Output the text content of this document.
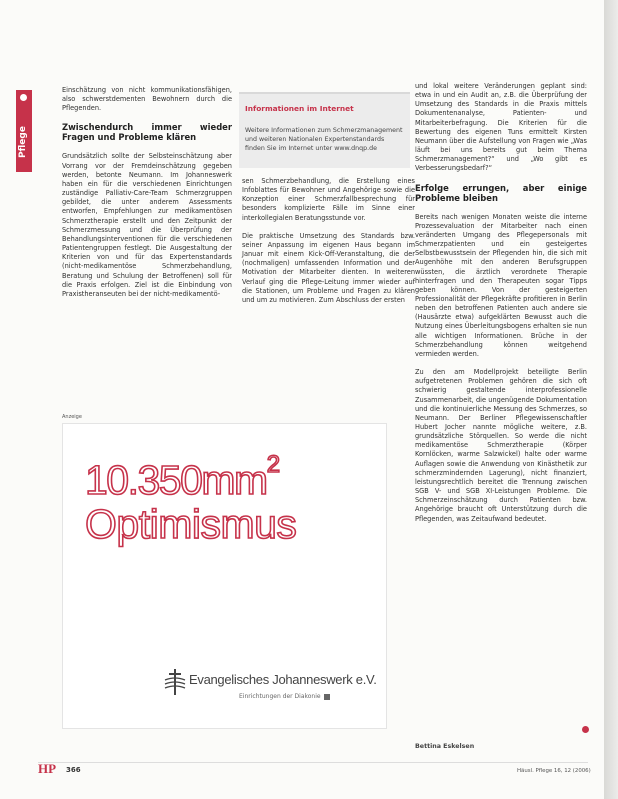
Pflege

Einschätzung von nicht kommunikationsfähigen, also schwerstdementen Bewohnern durch die Pflegenden.

Zwischendurch immer wieder Fragen und Probleme klären

Grundsätzlich sollte der Selbsteinschätzung aber Vorrang vor der Fremdeinschätzung gegeben werden, betonte Neumann. Im Johanneswerk haben ein für die verschiedenen Einrichtungen zuständige Palliativ-Care-Team Schmerzgruppen gebildet, die unter anderem Assessments entworfen, Empfehlungen zur medikamentösen Schmerztherapie erstellt und den Zeitpunkt der Schmerzmessung und die Überprüfung der Behandlungsinterventionen für die verschiedenen Patientengruppen festlegt. Die Ausgestaltung der Kriterien von und für das Expertenstandards (nicht-medikamentöse Schmerzbehandlung, Beratung und Schulung der Betroffenen) soll für die Praxis erfolgen. Ziel ist die Einbindung von Praxistheranseuten bei der nicht-medikamentö-

Informationen im Internet
Weitere Informationen zum Schmerzmanagement und weiteren Nationalen Expertenstandards finden Sie im Internet unter www.dnqp.de

sen Schmerzbehandlung, die Erstellung eines Infoblattes für Bewohner und Angehörige sowie die Konzeption einer Schmerzfallbesprechung für besonders komplizierte Fälle im Sinne einer interkollegialen Beratungsstunde vor.

Die praktische Umsetzung des Standards bzw. seiner Anpassung im eigenen Haus begann im Januar mit einem Kick-Off-Veranstaltung, die der (nochmaligen) umfassenden Information und der Motivation der Mitarbeiter dienten. In weiteren Verlauf ging die Pflege-Leitung immer wieder auf die Stationen, um Probleme und Fragen zu klären und um zu motivieren. Zum Abschluss der ersten

und lokal weitere Veränderungen geplant sind: etwa in und ein Audit an, z.B. die Überprüfung der Umsetzung des Standards in die Praxis mittels Dokumentenanalyse, Patienten- und Mitarbeiterbefragung. Die Kriterien für die Bewertung des eigenen Tuns ermittelt Kirsten Neumann über die Aufstellung von Fragen wie „Was läuft bei uns bereits gut beim Thema Schmerzmanagement?“ und „Wo gibt es Verbesserungsbedarf?“

Erfolge errungen, aber einige Probleme bleiben

Bereits nach wenigen Monaten weiste die interne Prozessevaluation der Mitarbeiter nach einen veränderten Umgang des Pflegepersonals mit Schmerzpatienten und ein gesteigertes Selbstbewusstsein der Pflegenden hin, die sich mit Augenhöhe mit den anderen Berufsgruppen wüssten, die ärztlich verordnete Therapie hinterfragen und den Therapeuten sogar Tipps geben können. Von der gesteigerten Professionalität der Pflegekräfte profitieren in Berlin neben den betroffenen Patienten auch andere sie (Hausärzte etwa) aufgeklärten Bewusst auch die Nutzung eines Überleitungsbogens erhalten sie nun alle wichtigen Informationen. Brüche in der Schmerzbehandlung können weitgehend vermieden werden.

Zu den am Modellprojekt beteiligte Berlin aufgetretenen Problemen gehören die sich oft schwierig gestaltende interprofessionelle Zusammenarbeit, die ungenügende Dokumentation und die kontinuierliche Messung des Schmerzes, so Neumann. Der Berliner Pflegewissenschaftler Hubert Jocher nannte mögliche weitere, z.B. grundsätzliche Störquellen. So werde die nicht medikamentöse Schmerztherapie (Körper Kornlöcken, warme Salzwickel) halte oder warme Auflagen sowie die Anwendung von Kinästhetik zur schmerzmindernden Lagerung), nicht finanziert, leistungsrechtlich bereitet die Trennung zwischen SGB V- und SGB XI-Leistungen Probleme. Die Schmerzeinschätzung durch Patienten bzw. Angehörige braucht oft Unterstützung durch die Pflegenden, was Zeitaufwand bedeutet.

Bettina Eskelsen
Anzeige
$10.350mm^2$
Optimismus
Evangelisches Johanneswerk e.V.
Einrichtungen der Diakonie
HP 366	Häusl. Pflege 16, 12 (2006)
